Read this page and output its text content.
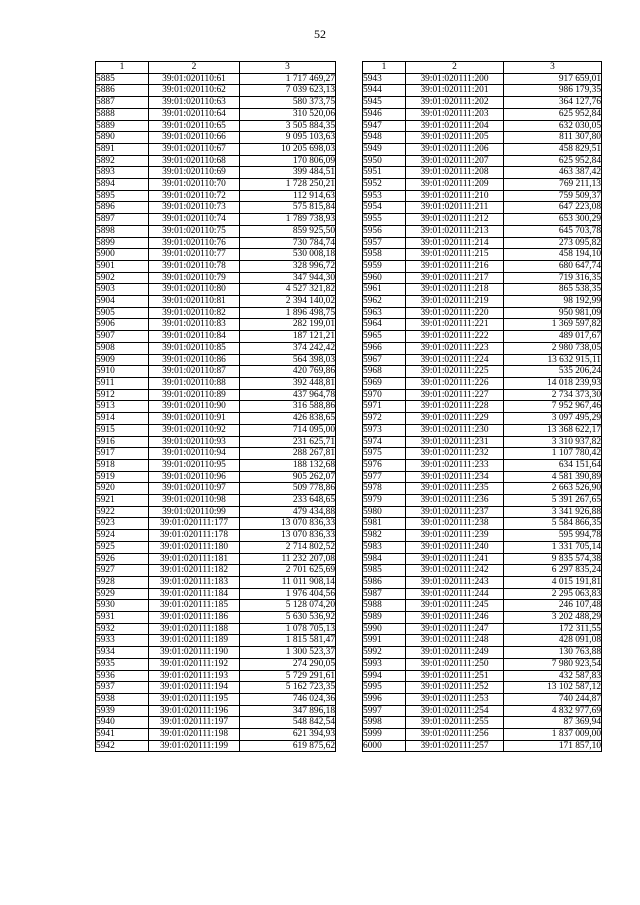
52
1	2	3
5885	39:01:020110:61	1 717 469,27
5886	39:01:020110:62	7 039 623,13
5887	39:01:020110:63	580 373,75
5888	39:01:020110:64	310 520,06
5889	39:01:020110:65	3 505 884,35
5890	39:01:020110:66	9 095 103,63
5891	39:01:020110:67	10 205 698,03
5892	39:01:020110:68	170 806,09
5893	39:01:020110:69	399 484,51
5894	39:01:020110:70	1 728 250,21
5895	39:01:020110:72	112 914,63
5896	39:01:020110:73	575 815,84
5897	39:01:020110:74	1 789 738,93
5898	39:01:020110:75	859 925,50
5899	39:01:020110:76	730 784,74
5900	39:01:020110:77	530 008,18
5901	39:01:020110:78	328 996,72
5902	39:01:020110:79	347 944,30
5903	39:01:020110:80	4 527 321,82
5904	39:01:020110:81	2 394 140,02
5905	39:01:020110:82	1 896 498,75
5906	39:01:020110:83	282 199,01
5907	39:01:020110:84	187 121,21
5908	39:01:020110:85	374 242,42
5909	39:01:020110:86	564 398,03
5910	39:01:020110:87	420 769,86
5911	39:01:020110:88	392 448,81
5912	39:01:020110:89	437 964,78
5913	39:01:020110:90	316 588,86
5914	39:01:020110:91	426 838,65
5915	39:01:020110:92	714 095,00
5916	39:01:020110:93	231 625,71
5917	39:01:020110:94	288 267,81
5918	39:01:020110:95	188 132,68
5919	39:01:020110:96	905 262,07
5920	39:01:020110:97	509 778,86
5921	39:01:020110:98	233 648,65
5922	39:01:020110:99	479 434,88
5923	39:01:020111:177	13 070 836,33
5924	39:01:020111:178	13 070 836,33
5925	39:01:020111:180	2 714 802,52
5926	39:01:020111:181	11 232 207,08
5927	39:01:020111:182	2 701 625,69
5928	39:01:020111:183	11 011 908,14
5929	39:01:020111:184	1 976 404,56
5930	39:01:020111:185	5 128 074,20
5931	39:01:020111:186	5 630 536,92
5932	39:01:020111:188	1 078 705,13
5933	39:01:020111:189	1 815 581,47
5934	39:01:020111:190	1 300 523,37
5935	39:01:020111:192	274 290,05
5936	39:01:020111:193	5 729 291,61
5937	39:01:020111:194	5 162 723,35
5938	39:01:020111:195	746 024,36
5939	39:01:020111:196	347 896,18
5940	39:01:020111:197	548 842,54
5941	39:01:020111:198	621 394,93
5942	39:01:020111:199	619 875,62
1	2	3
5943	39:01:020111:200	917 659,01
5944	39:01:020111:201	986 179,35
5945	39:01:020111:202	364 127,76
5946	39:01:020111:203	625 952,84
5947	39:01:020111:204	632 030,05
5948	39:01:020111:205	811 307,80
5949	39:01:020111:206	458 829,51
5950	39:01:020111:207	625 952,84
5951	39:01:020111:208	463 387,42
5952	39:01:020111:209	769 211,13
5953	39:01:020111:210	759 509,37
5954	39:01:020111:211	647 223,08
5955	39:01:020111:212	653 300,29
5956	39:01:020111:213	645 703,78
5957	39:01:020111:214	273 095,82
5958	39:01:020111:215	458 194,10
5959	39:01:020111:216	680 647,74
5960	39:01:020111:217	719 316,35
5961	39:01:020111:218	865 538,35
5962	39:01:020111:219	98 192,99
5963	39:01:020111:220	950 981,09
5964	39:01:020111:221	1 369 597,82
5965	39:01:020111:222	489 017,67
5966	39:01:020111:223	2 980 738,05
5967	39:01:020111:224	13 632 915,11
5968	39:01:020111:225	535 206,24
5969	39:01:020111:226	14 018 239,93
5970	39:01:020111:227	2 734 373,30
5971	39:01:020111:228	7 952 967,46
5972	39:01:020111:229	3 097 495,29
5973	39:01:020111:230	13 368 622,17
5974	39:01:020111:231	3 310 937,82
5975	39:01:020111:232	1 107 780,42
5976	39:01:020111:233	634 151,64
5977	39:01:020111:234	4 581 390,89
5978	39:01:020111:235	2 663 526,90
5979	39:01:020111:236	5 391 267,65
5980	39:01:020111:237	3 341 926,88
5981	39:01:020111:238	5 584 866,35
5982	39:01:020111:239	595 994,78
5983	39:01:020111:240	1 331 705,14
5984	39:01:020111:241	9 835 574,38
5985	39:01:020111:242	6 297 835,24
5986	39:01:020111:243	4 015 191,81
5987	39:01:020111:244	2 295 063,83
5988	39:01:020111:245	246 107,48
5989	39:01:020111:246	3 202 488,29
5990	39:01:020111:247	172 311,55
5991	39:01:020111:248	428 091,08
5992	39:01:020111:249	130 763,88
5993	39:01:020111:250	7 980 923,54
5994	39:01:020111:251	432 587,83
5995	39:01:020111:252	13 102 587,12
5996	39:01:020111:253	740 244,87
5997	39:01:020111:254	4 832 977,69
5998	39:01:020111:255	87 369,94
5999	39:01:020111:256	1 837 009,00
6000	39:01:020111:257	171 857,10
